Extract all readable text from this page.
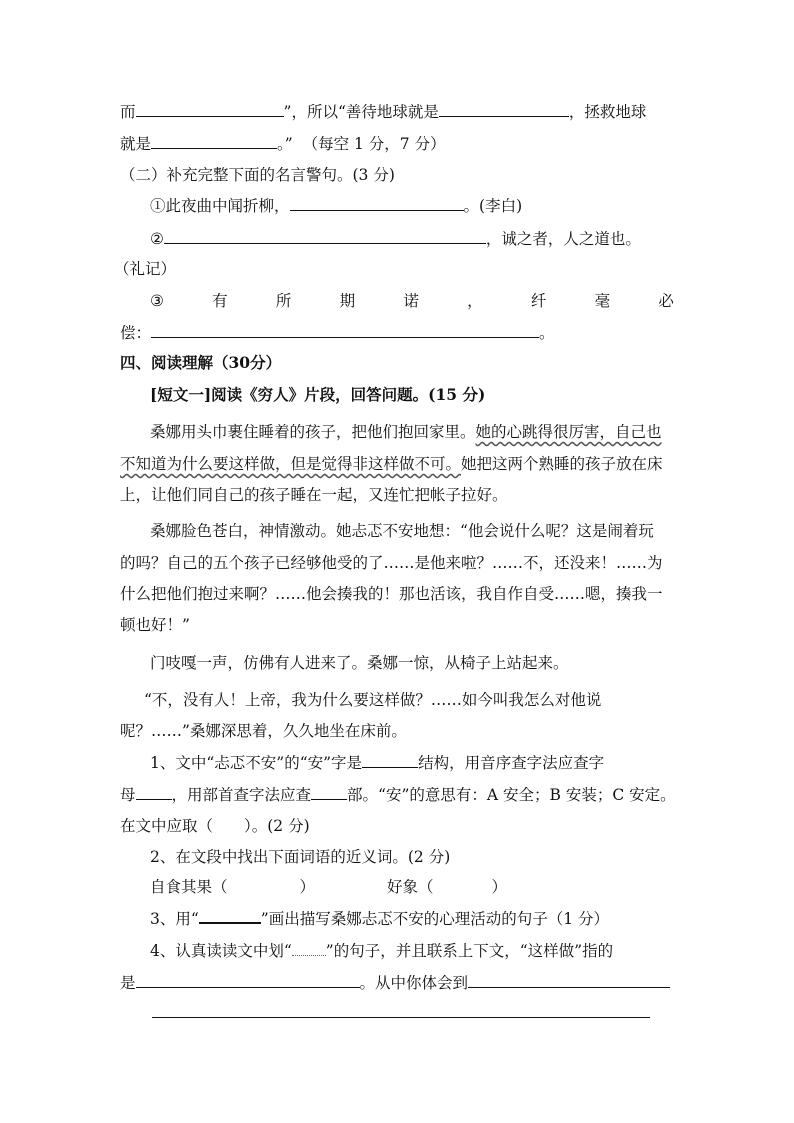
而	”，所以“善待地球就是	，拯救地球
就是	。” （每空 1 分，7 分）
（二）补充完整下面的名言警句。(3 分)
①此夜曲中闻折柳，	。(李白)
②	，诚之者，人之道也。
（礼记）
③	有	所	期	诺	，	纤	毫	必
偿：	。
四、阅读理解（30分）
[短文一]阅读《穷人》片段，回答问题。(15 分)
桑娜用头巾裹住睡着的孩子，把他们抱回家里。她的心跳得很厉害，自己也
不知道为什么要这样做，但是觉得非这样做不可。她把这两个熟睡的孩子放在床
上，让他们同自己的孩子睡在一起，又连忙把帐子拉好。
桑娜脸色苍白，神情激动。她忐忑不安地想：“他会说什么呢？这是闹着玩
的吗？自己的五个孩子已经够他受的了……是他来啦？……不，还没来！……为
什么把他们抱过来啊？……他会揍我的！那也活该，我自作自受……嗯，揍我一
顿也好！”
门吱嘎一声，仿佛有人进来了。桑娜一惊，从椅子上站起来。
“不，没有人！上帝，我为什么要这样做？……如今叫我怎么对他说
呢？……”桑娜深思着，久久地坐在床前。
1、文中“忐忑不安”的“安”字是	结构，用音序查字法应查字
母 ，用部首查字法应查 部。“安”的意思有：A 安全；B 安装；C 安定。
在文中应取（　　）。(2 分)
2、在文段中找出下面词语的近义词。(2 分)
自食其果（	）	好象（	）
3、用“	”画出描写桑娜忐忑不安的心理活动的句子（1 分）
4、认真读读文中划“ ”的句子，并且联系上下文，“这样做”指的
是	。从中你体会到
